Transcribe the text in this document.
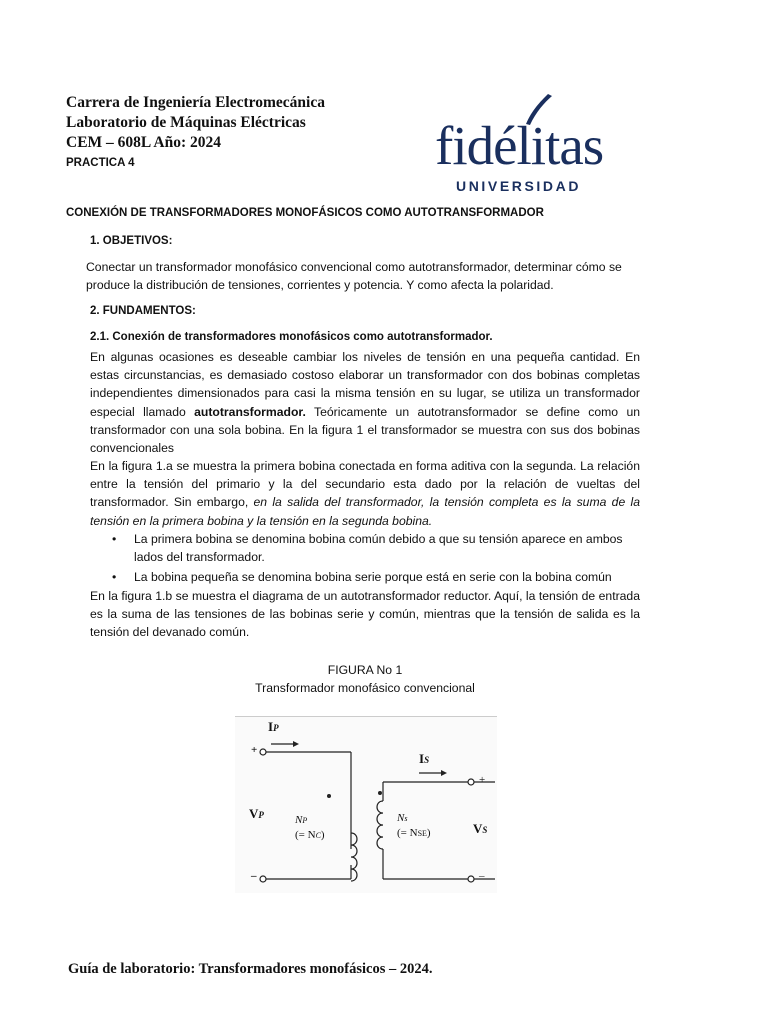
Carrera de Ingeniería Electromecánica
Laboratorio de Máquinas Eléctricas
CEM – 608L Año: 2024
PRACTICA 4	fidélitas
UNIVERSIDAD
CONEXIÓN DE TRANSFORMADORES MONOFÁSICOS COMO AUTOTRANSFORMADOR
1. OBJETIVOS:
Conectar un transformador monofásico convencional como autotransformador, determinar cómo se produce la distribución de tensiones, corrientes y potencia. Y como afecta la polaridad.
2. FUNDAMENTOS:
2.1. Conexión de transformadores monofásicos como autotransformador.
En algunas ocasiones es deseable cambiar los niveles de tensión en una pequeña cantidad. En estas circunstancias, es demasiado costoso elaborar un transformador con dos bobinas completas independientes dimensionados para casi la misma tensión en su lugar, se utiliza un transformador especial llamado autotransformador. Teóricamente un autotransformador se define como un transformador con una sola bobina. En la figura 1 el transformador se muestra con sus dos bobinas convencionales
En la figura 1.a se muestra la primera bobina conectada en forma aditiva con la segunda. La relación entre la tensión del primario y la del secundario esta dado por la relación de vueltas del transformador. Sin embargo, en la salida del transformador, la tensión completa es la suma de la tensión en la primera bobina y la tensión en la segunda bobina.
• La primera bobina se denomina bobina común debido a que su tensión aparece en ambos lados del transformador.
• La bobina pequeña se denomina bobina serie porque está en serie con la bobina común
En la figura 1.b se muestra el diagrama de un autotransformador reductor. Aquí, la tensión de entrada es la suma de las tensiones de las bobinas serie y común, mientras que la tensión de salida es la tensión del devanado común.
FIGURA No 1
Transformador monofásico convencional
IP
IS
+
+
–	–
VP
VS
NP
(= NC)
Ns
(= NSE)
Guía de laboratorio: Transformadores monofásicos – 2024.
